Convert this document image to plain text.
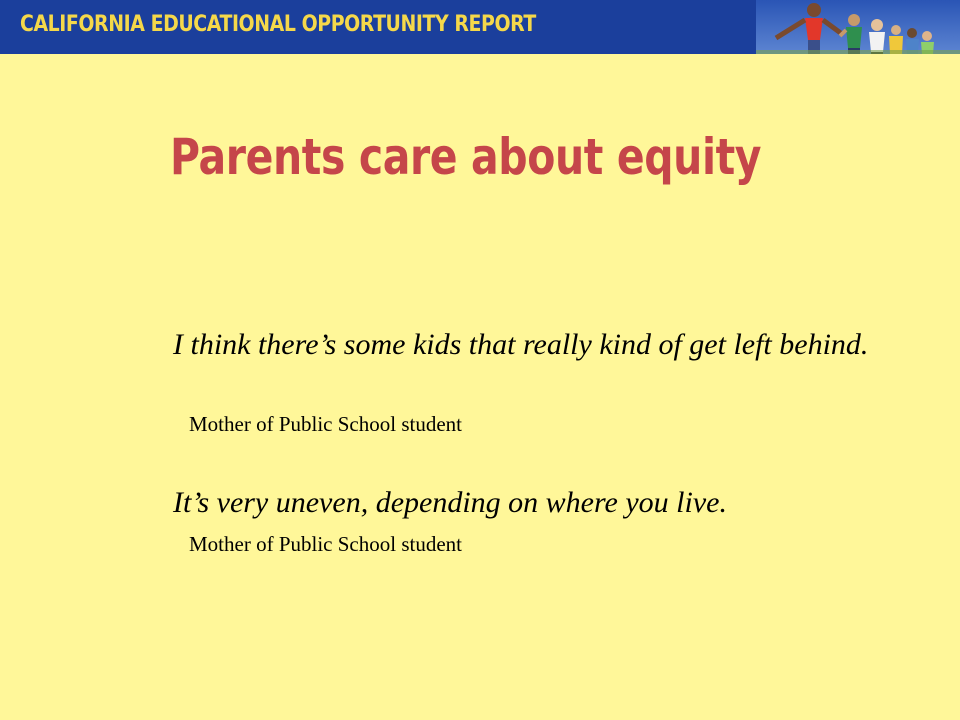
CALIFORNIA EDUCATIONAL OPPORTUNITY REPORT
Parents care about equity
I think there’s some kids that really kind of get left behind.
Mother of Public School student
It’s very uneven, depending on where you live.
Mother of Public School student
